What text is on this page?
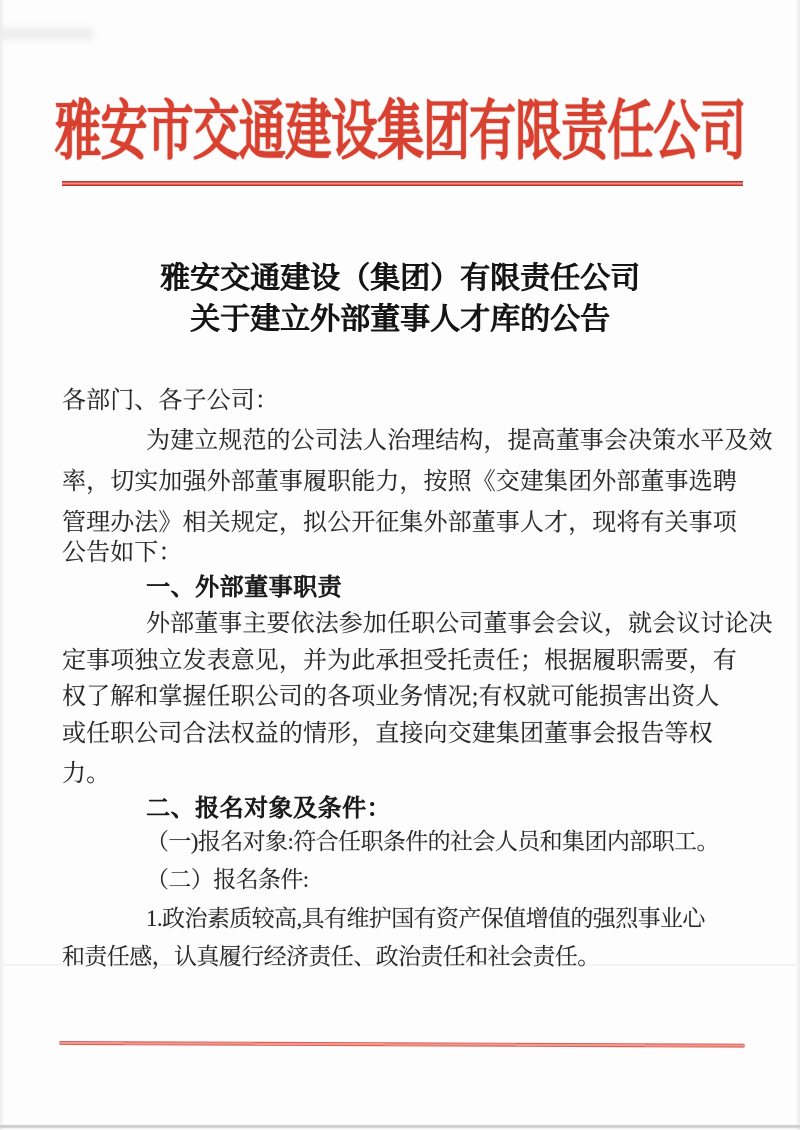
雅安市交通建设集团有限责任公司
雅安交通建设（集团）有限责任公司
关于建立外部董事人才库的公告
各部门、各子公司：
为建立规范的公司法人治理结构，提高董事会决策水平及效
率，切实加强外部董事履职能力，按照《交建集团外部董事选聘
管理办法》相关规定，拟公开征集外部董事人才，现将有关事项
公告如下：
一、外部董事职责
外部董事主要依法参加任职公司董事会会议，就会议讨论决
定事项独立发表意见，并为此承担受托责任；根据履职需要，有
权了解和掌握任职公司的各项业务情况;有权就可能损害出资人
或任职公司合法权益的情形，直接向交建集团董事会报告等权
力。
二、报名对象及条件：
（一)报名对象:符合任职条件的社会人员和集团内部职工。
（二）报名条件:
1.政治素质较高,具有维护国有资产保值增值的强烈事业心
和责任感，认真履行经济责任、政治责任和社会责任。
